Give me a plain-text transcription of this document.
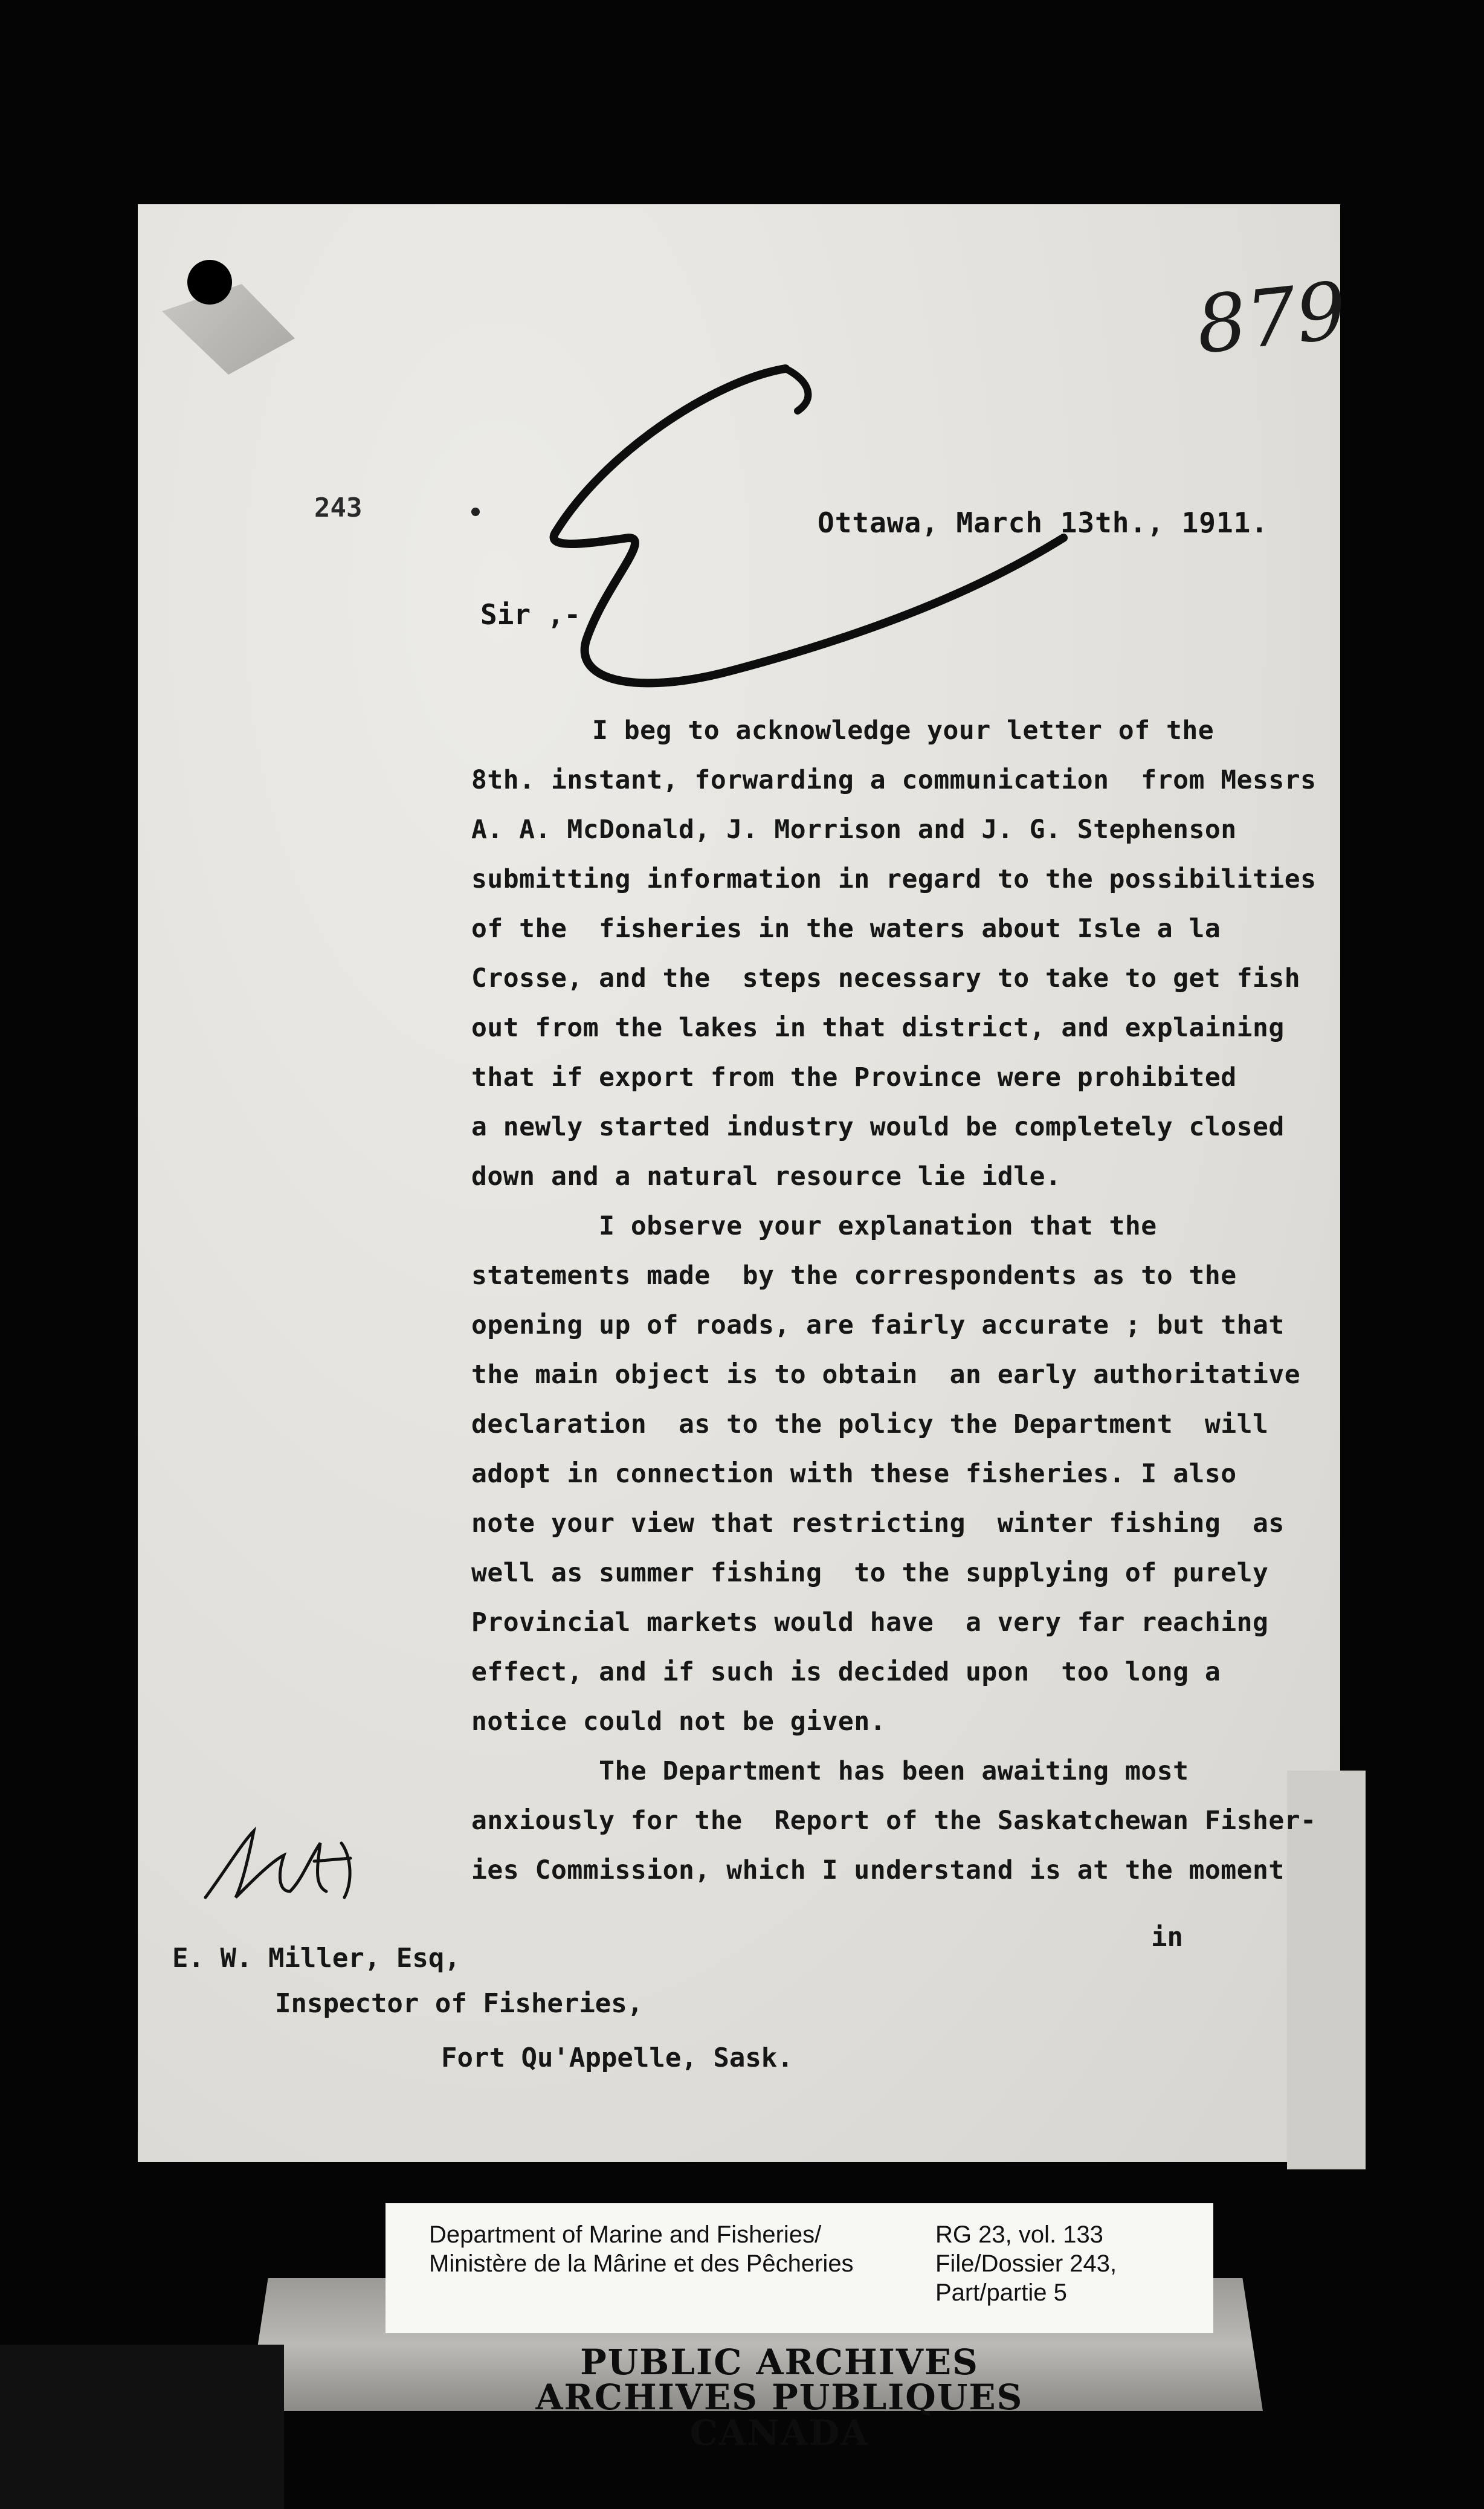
879
243	Ottawa, March 13th., 1911.
Sir ,-
I beg to acknowledge your letter of the
8th. instant, forwarding a communication  from Messrs
A. A. McDonald, J. Morrison and J. G. Stephenson
submitting information in regard to the possibilities
of the  fisheries in the waters about Isle a la
Crosse, and the  steps necessary to take to get fish
out from the lakes in that district, and explaining
that if export from the Province were prohibited
a newly started industry would be completely closed
down and a natural resource lie idle.
I observe your explanation that the
statements made  by the correspondents as to the
opening up of roads, are fairly accurate ; but that
the main object is to obtain  an early authoritative
declaration  as to the policy the Department  will
adopt in connection with these fisheries. I also
note your view that restricting  winter fishing  as
well as summer fishing  to the supplying of purely
Provincial markets would have  a very far reaching
effect, and if such is decided upon  too long a
notice could not be given.
The Department has been awaiting most
anxiously for the  Report of the Saskatchewan Fisher-
ies Commission, which I understand is at the moment
in
E. W. Miller, Esq,
Inspector of Fisheries,
Fort Qu'Appelle, Sask.
Department of Marine and Fisheries/
Ministère de la Mârine et des Pêcheries
RG 23, vol. 133
File/Dossier 243,
Part/partie 5
PUBLIC ARCHIVES
ARCHIVES PUBLIQUES
CANADA
